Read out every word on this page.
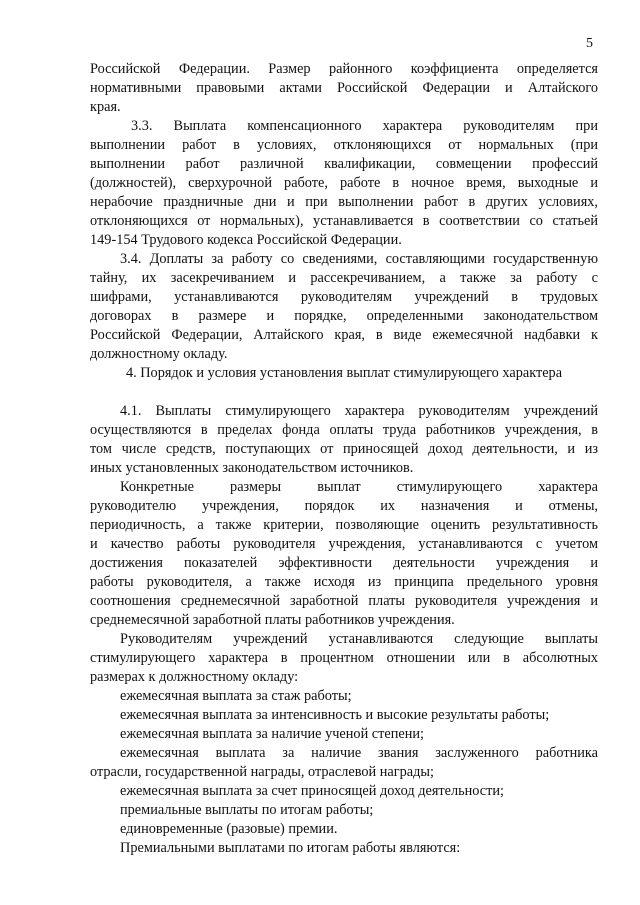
5
Российской Федерации. Размер районного коэффициента определяется
нормативными правовыми актами Российской Федерации и Алтайского
края.
3.3. Выплата компенсационного характера руководителям при
выполнении работ в условиях, отклоняющихся от нормальных (при
выполнении работ различной квалификации, совмещении профессий
(должностей), сверхурочной работе, работе в ночное время, выходные и
нерабочие праздничные дни и при выполнении работ в других условиях,
отклоняющихся от нормальных), устанавливается в соответствии со статьей
149-154 Трудового кодекса Российской Федерации.
3.4. Доплаты за работу со сведениями, составляющими государственную
тайну, их засекречиванием и рассекречиванием, а также за работу с
шифрами, устанавливаются руководителям учреждений в трудовых
договорах в размере и порядке, определенными законодательством
Российской Федерации, Алтайского края, в виде ежемесячной надбавки к
должностному окладу.
4. Порядок и условия установления выплат стимулирующего характера
4.1. Выплаты стимулирующего характера руководителям учреждений
осуществляются в пределах фонда оплаты труда работников учреждения, в
том числе средств, поступающих от приносящей доход деятельности, и из
иных установленных законодательством источников.
Конкретные размеры выплат стимулирующего характера
руководителю учреждения, порядок их назначения и отмены,
периодичность, а также критерии, позволяющие оценить результативность
и качество работы руководителя учреждения, устанавливаются с учетом
достижения показателей эффективности деятельности учреждения и
работы руководителя, а также исходя из принципа предельного уровня
соотношения среднемесячной заработной платы руководителя учреждения и
среднемесячной заработной платы работников учреждения.
Руководителям учреждений устанавливаются следующие выплаты
стимулирующего характера в процентном отношении или в абсолютных
размерах к должностному окладу:
ежемесячная выплата за стаж работы;
ежемесячная выплата за интенсивность и высокие результаты работы;
ежемесячная выплата за наличие ученой степени;
ежемесячная выплата за наличие звания заслуженного работника
отрасли, государственной награды, отраслевой награды;
ежемесячная выплата за счет приносящей доход деятельности;
премиальные выплаты по итогам работы;
единовременные (разовые) премии.
Премиальными выплатами по итогам работы являются:
